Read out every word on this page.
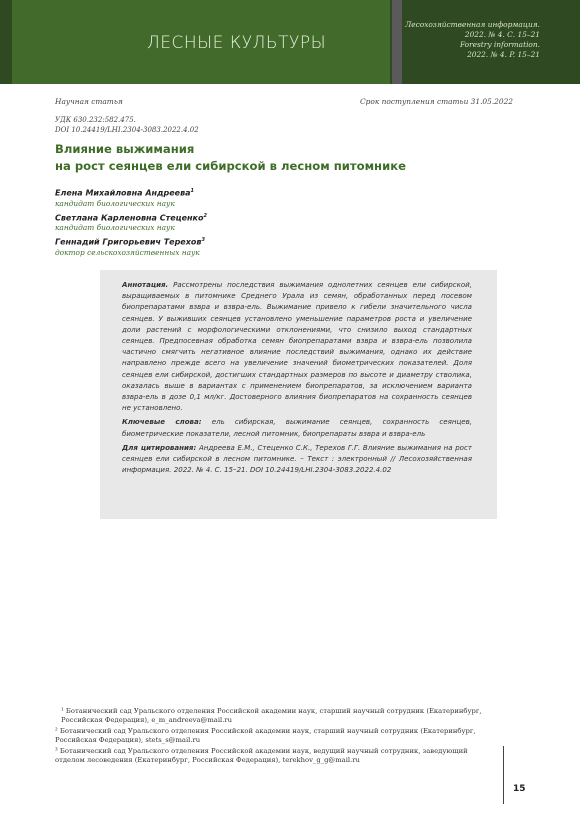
ЛЕСНЫЕ КУЛЬТУРЫ
Лесохозяйственная информация.
2022. № 4. С. 15–21
Forestry information.
2022. № 4. P. 15–21
Научная статья	Срок поступления статьи 31.05.2022
УДК 630.232:582.475.
DOI 10.24419/LHI.2304-3083.2022.4.02
Влияние выжимания
на рост сеянцев ели сибирской в лесном питомнике
Елена Михайловна Андреева$^1$
кандидат биологических наук
Светлана Карленовна Стеценко$^2$
кандидат биологических наук
Геннадий Григорьевич Терехов$^3$
доктор сельскохозяйственных наук

Аннотация. Рассмотрены последствия выжимания однолетних сеянцев ели сибирской, выращиваемых в питомнике Среднего Урала из семян, обработанных перед посевом биопрепаратами взвра и взвра-ель. Выжимание привело к гибели значительного числа сеянцев. У выживших сеянцев установлено уменьшение параметров роста и увеличение доли растений с морфологическими отклонениями, что снизило выход стандартных сеянцев. Предпосевная обработка семян биопрепаратами взвра и взвра-ель позволила частично смягчить негативное влияние последствий выжимания, однако их действие направлено прежде всего на увеличение значений биометрических показателей. Доля сеянцев ели сибирской, достигших стандартных размеров по высоте и диаметру стволика, оказалась выше в вариантах с применением биопрепаратов, за исключением варианта взвра-ель в дозе 0,1 мл/кг. Достоверного влияния биопрепаратов на сохранность сеянцев не установлено.

Ключевые слова: ель сибирская, выжимание сеянцев, сохранность сеянцев, биометрические показатели, лесной питомник, биопрепараты взвра и взвра-ель

Для цитирования: Андреева Е.М., Стеценко С.К., Терехов Г.Г. Влияние выжимания на рост сеянцев ели сибирской в лесном питомнике. – Текст : электронный // Лесохозяйственная информация. 2022. № 4. С. 15–21. DOI 10.24419/LHI.2304-3083.2022.4.02

¹ Ботанический сад Уральского отделения Российской академии наук, старший научный сотрудник (Екатеринбург, Российская Федерация), e_m_andreeva@mail.ru

² Ботанический сад Уральского отделения Российской академии наук, старший научный сотрудник (Екатеринбург, Российская Федерация), stets_s@mail.ru

³ Ботанический сад Уральского отделения Российской академии наук, ведущий научный сотрудник, заведующий отделом лесоведения (Екатеринбург, Российская Федерация), terekhov_g_g@mail.ru

15
